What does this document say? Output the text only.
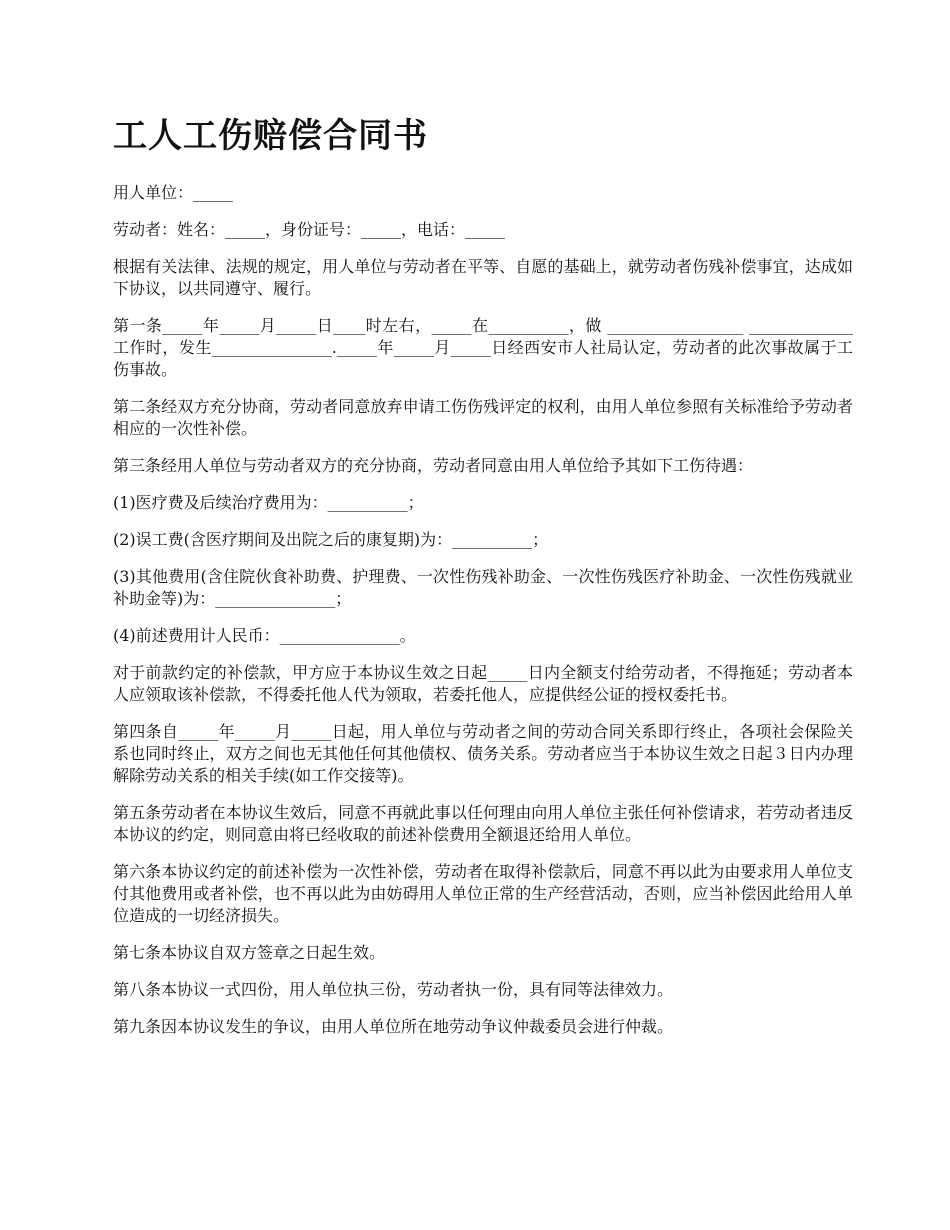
工人工伤赔偿合同书

用人单位：_____

劳动者：姓名：_____，身份证号：_____，电话：_____

根据有关法律、法规的规定，用人单位与劳动者在平等、自愿的基础上，就劳动者伤残补偿事宜，达成如下协议，以共同遵守、履行。

第一条_____年_____月_____日____时左右，_____在__________，做 _________________ _____________工作时，发生_______________._____年_____月_____日经西安市人社局认定，劳动者的此次事故属于工伤事故。

第二条经双方充分协商，劳动者同意放弃申请工伤伤残评定的权利，由用人单位参照有关标准给予劳动者相应的一次性补偿。

第三条经用人单位与劳动者双方的充分协商，劳动者同意由用人单位给予其如下工伤待遇：

(1)医疗费及后续治疗费用为：__________；

(2)误工费(含医疗期间及出院之后的康复期)为：__________；

(3)其他费用(含住院伙食补助费、护理费、一次性伤残补助金、一次性伤残医疗补助金、一次性伤残就业补助金等)为：_______________；

(4)前述费用计人民币：_______________。

对于前款约定的补偿款，甲方应于本协议生效之日起_____日内全额支付给劳动者，不得拖延；劳动者本人应领取该补偿款，不得委托他人代为领取，若委托他人，应提供经公证的授权委托书。

第四条自_____年_____月_____日起，用人单位与劳动者之间的劳动合同关系即行终止，各项社会保险关系也同时终止，双方之间也无其他任何其他债权、债务关系。劳动者应当于本协议生效之日起３日内办理解除劳动关系的相关手续(如工作交接等)。

第五条劳动者在本协议生效后，同意不再就此事以任何理由向用人单位主张任何补偿请求，若劳动者违反本协议的约定，则同意由将已经收取的前述补偿费用全额退还给用人单位。

第六条本协议约定的前述补偿为一次性补偿，劳动者在取得补偿款后，同意不再以此为由要求用人单位支付其他费用或者补偿，也不再以此为由妨碍用人单位正常的生产经营活动，否则，应当补偿因此给用人单位造成的一切经济损失。

第七条本协议自双方签章之日起生效。

第八条本协议一式四份，用人单位执三份，劳动者执一份，具有同等法律效力。

第九条因本协议发生的争议，由用人单位所在地劳动争议仲裁委员会进行仲裁。
